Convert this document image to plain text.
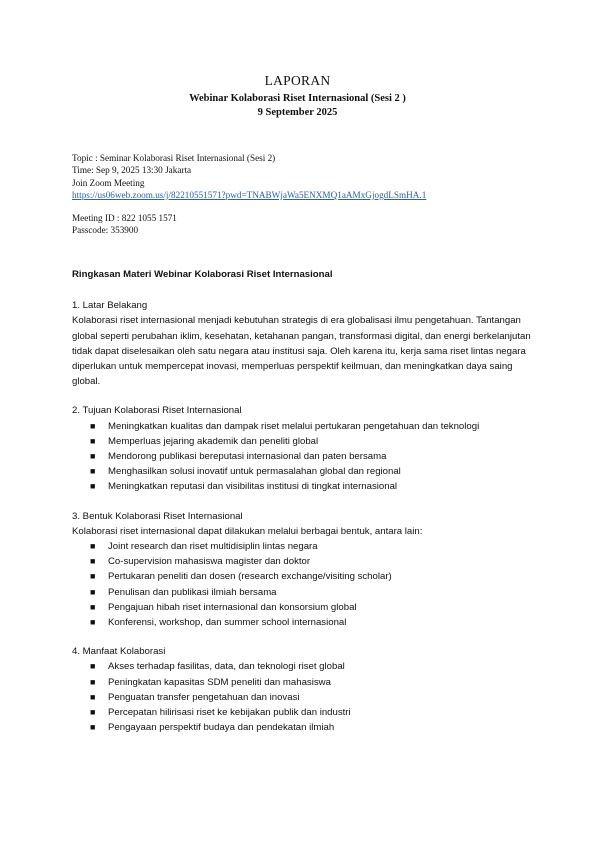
LAPORAN
Webinar Kolaborasi Riset Internasional (Sesi 2 )
9 September 2025
Topic : Seminar Kolaborasi Riset Internasional (Sesi 2)
Time: Sep 9, 2025 13:30 Jakarta
Join Zoom Meeting
https://us06web.zoom.us/j/82210551571?pwd=TNABWjaWa5ENXMQ1aAMxGjogdLSmHA.1
Meeting ID : 822 1055 1571
Passcode: 353900
Ringkasan Materi Webinar Kolaborasi Riset Internasional
1. Latar Belakang
Kolaborasi riset internasional menjadi kebutuhan strategis di era globalisasi ilmu pengetahuan. Tantangan global seperti perubahan iklim, kesehatan, ketahanan pangan, transformasi digital, dan energi berkelanjutan tidak dapat diselesaikan oleh satu negara atau institusi saja. Oleh karena itu, kerja sama riset lintas negara diperlukan untuk mempercepat inovasi, memperluas perspektif keilmuan, dan meningkatkan daya saing global.
2. Tujuan Kolaborasi Riset Internasional
■ Meningkatkan kualitas dan dampak riset melalui pertukaran pengetahuan dan teknologi
■ Memperluas jejaring akademik dan peneliti global
■ Mendorong publikasi bereputasi internasional dan paten bersama
■ Menghasilkan solusi inovatif untuk permasalahan global dan regional
■ Meningkatkan reputasi dan visibilitas institusi di tingkat internasional
3. Bentuk Kolaborasi Riset Internasional
Kolaborasi riset internasional dapat dilakukan melalui berbagai bentuk, antara lain:
■ Joint research dan riset multidisiplin lintas negara
■ Co-supervision mahasiswa magister dan doktor
■ Pertukaran peneliti dan dosen (research exchange/visiting scholar)
■ Penulisan dan publikasi ilmiah bersama
■ Pengajuan hibah riset internasional dan konsorsium global
■ Konferensi, workshop, dan summer school internasional
4. Manfaat Kolaborasi
■ Akses terhadap fasilitas, data, dan teknologi riset global
■ Peningkatan kapasitas SDM peneliti dan mahasiswa
■ Penguatan transfer pengetahuan dan inovasi
■ Percepatan hilirisasi riset ke kebijakan publik dan industri
■ Pengayaan perspektif budaya dan pendekatan ilmiah
